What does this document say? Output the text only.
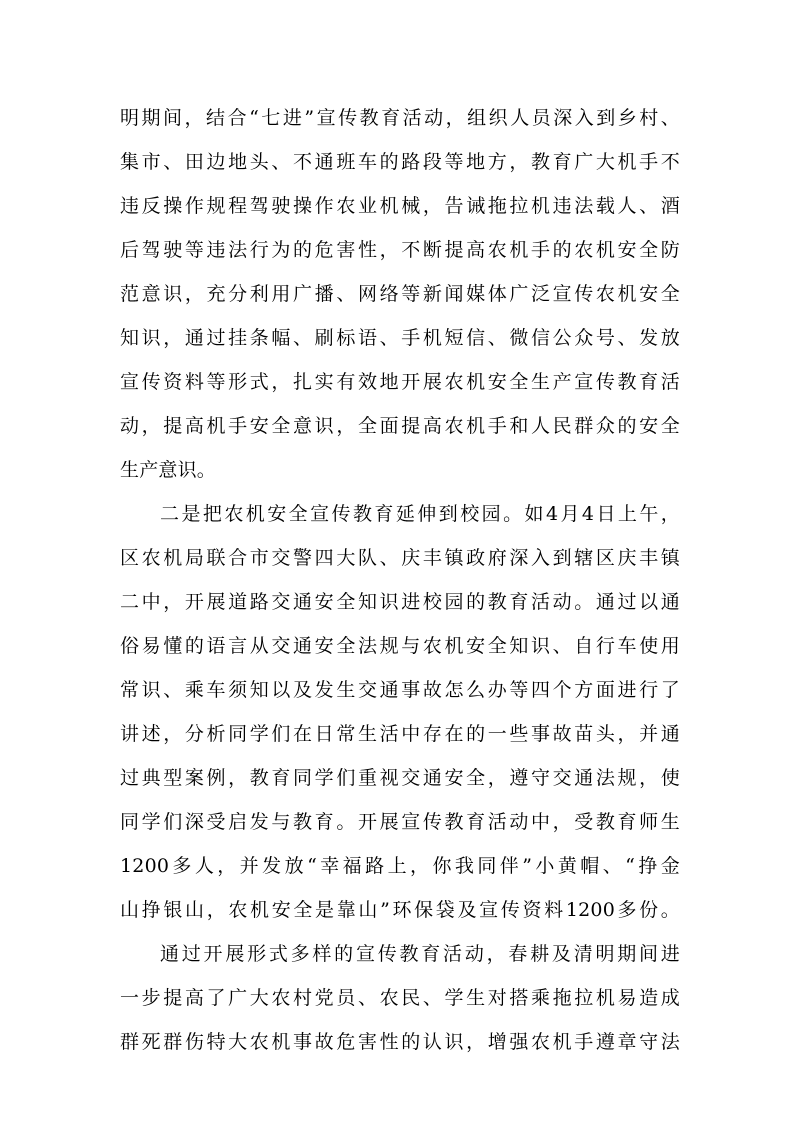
明期间，结合“七进”宣传教育活动，组织人员深入到乡村、
集市、田边地头、不通班车的路段等地方，教育广大机手不
违反操作规程驾驶操作农业机械，告诫拖拉机违法载人、酒
后驾驶等违法行为的危害性，不断提高农机手的农机安全防
范意识，充分利用广播、网络等新闻媒体广泛宣传农机安全
知识，通过挂条幅、刷标语、手机短信、微信公众号、发放
宣传资料等形式，扎实有效地开展农机安全生产宣传教育活
动，提高机手安全意识，全面提高农机手和人民群众的安全
生产意识。
二是把农机安全宣传教育延伸到校园。如4月4日上午，
区农机局联合市交警四大队、庆丰镇政府深入到辖区庆丰镇
二中，开展道路交通安全知识进校园的教育活动。通过以通
俗易懂的语言从交通安全法规与农机安全知识、自行车使用
常识、乘车须知以及发生交通事故怎么办等四个方面进行了
讲述，分析同学们在日常生活中存在的一些事故苗头，并通
过典型案例，教育同学们重视交通安全，遵守交通法规，使
同学们深受启发与教育。开展宣传教育活动中，受教育师生
1200多人，并发放“幸福路上，你我同伴”小黄帽、“挣金
山挣银山，农机安全是靠山”环保袋及宣传资料1200多份。
通过开展形式多样的宣传教育活动，春耕及清明期间进
一步提高了广大农村党员、农民、学生对搭乘拖拉机易造成
群死群伤特大农机事故危害性的认识，增强农机手遵章守法
